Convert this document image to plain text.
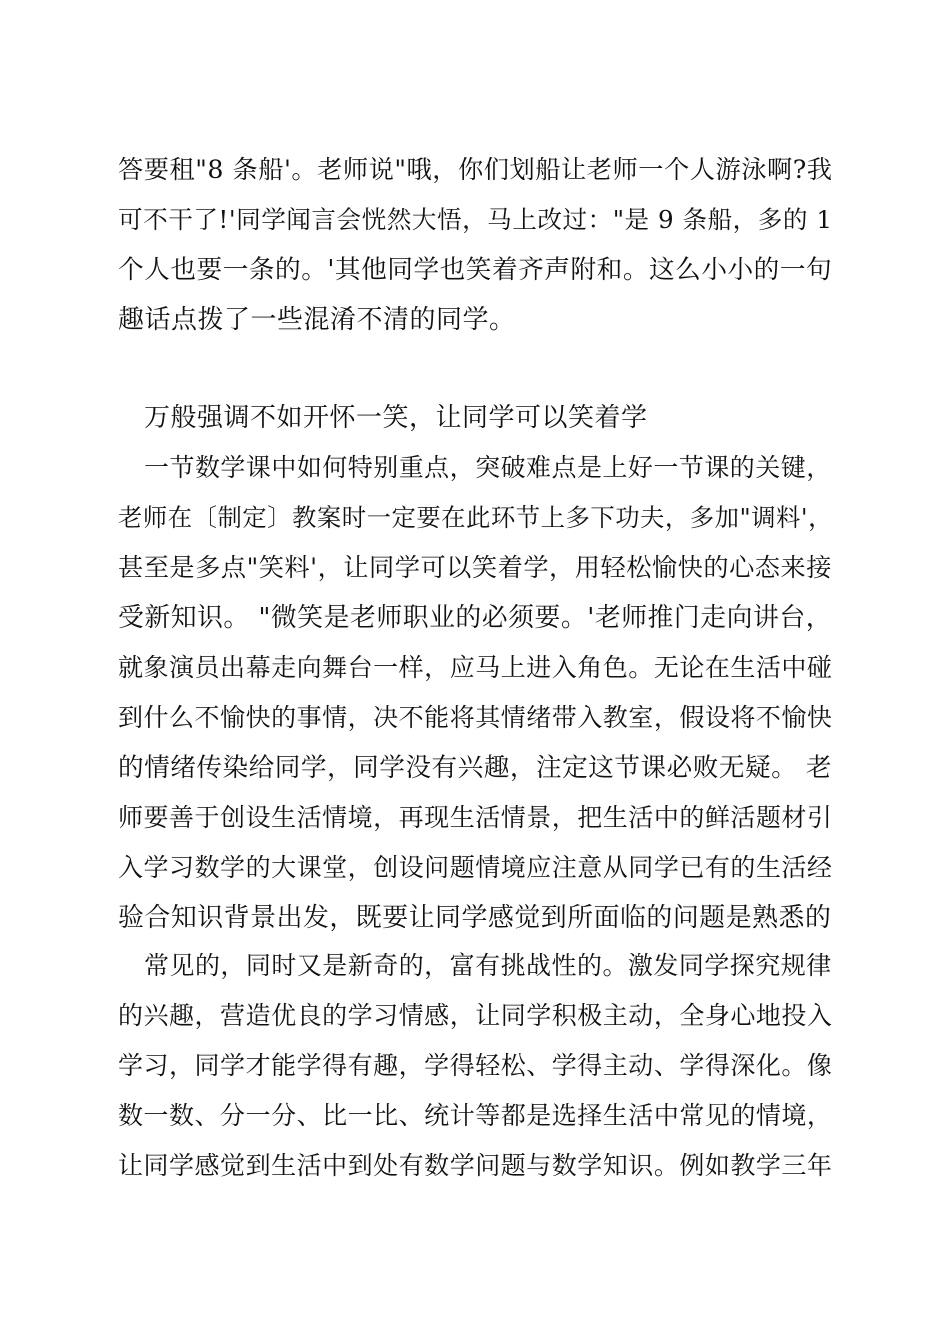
答要租"8 条船'。老师说"哦，你们划船让老师一个人游泳啊?我
可不干了!'同学闻言会恍然大悟，马上改过："是 9 条船，多的 1
个人也要一条的。'其他同学也笑着齐声附和。这么小小的一句
趣话点拨了一些混淆不清的同学。
万般强调不如开怀一笑，让同学可以笑着学
一节数学课中如何特别重点，突破难点是上好一节课的关键，
老师在〔制定〕教案时一定要在此环节上多下功夫，多加"调料'，
甚至是多点"笑料'，让同学可以笑着学，用轻松愉快的心态来接
受新知识。 "微笑是老师职业的必须要。'老师推门走向讲台，
就象演员出幕走向舞台一样，应马上进入角色。无论在生活中碰
到什么不愉快的事情，决不能将其情绪带入教室，假设将不愉快
的情绪传染给同学，同学没有兴趣，注定这节课必败无疑。 老
师要善于创设生活情境，再现生活情景，把生活中的鲜活题材引
入学习数学的大课堂，创设问题情境应注意从同学已有的生活经
验合知识背景出发，既要让同学感觉到所面临的问题是熟悉的
常见的，同时又是新奇的，富有挑战性的。激发同学探究规律
的兴趣，营造优良的学习情感，让同学积极主动，全身心地投入
学习，同学才能学得有趣，学得轻松、学得主动、学得深化。像
数一数、分一分、比一比、统计等都是选择生活中常见的情境，
让同学感觉到生活中到处有数学问题与数学知识。例如教学三年
